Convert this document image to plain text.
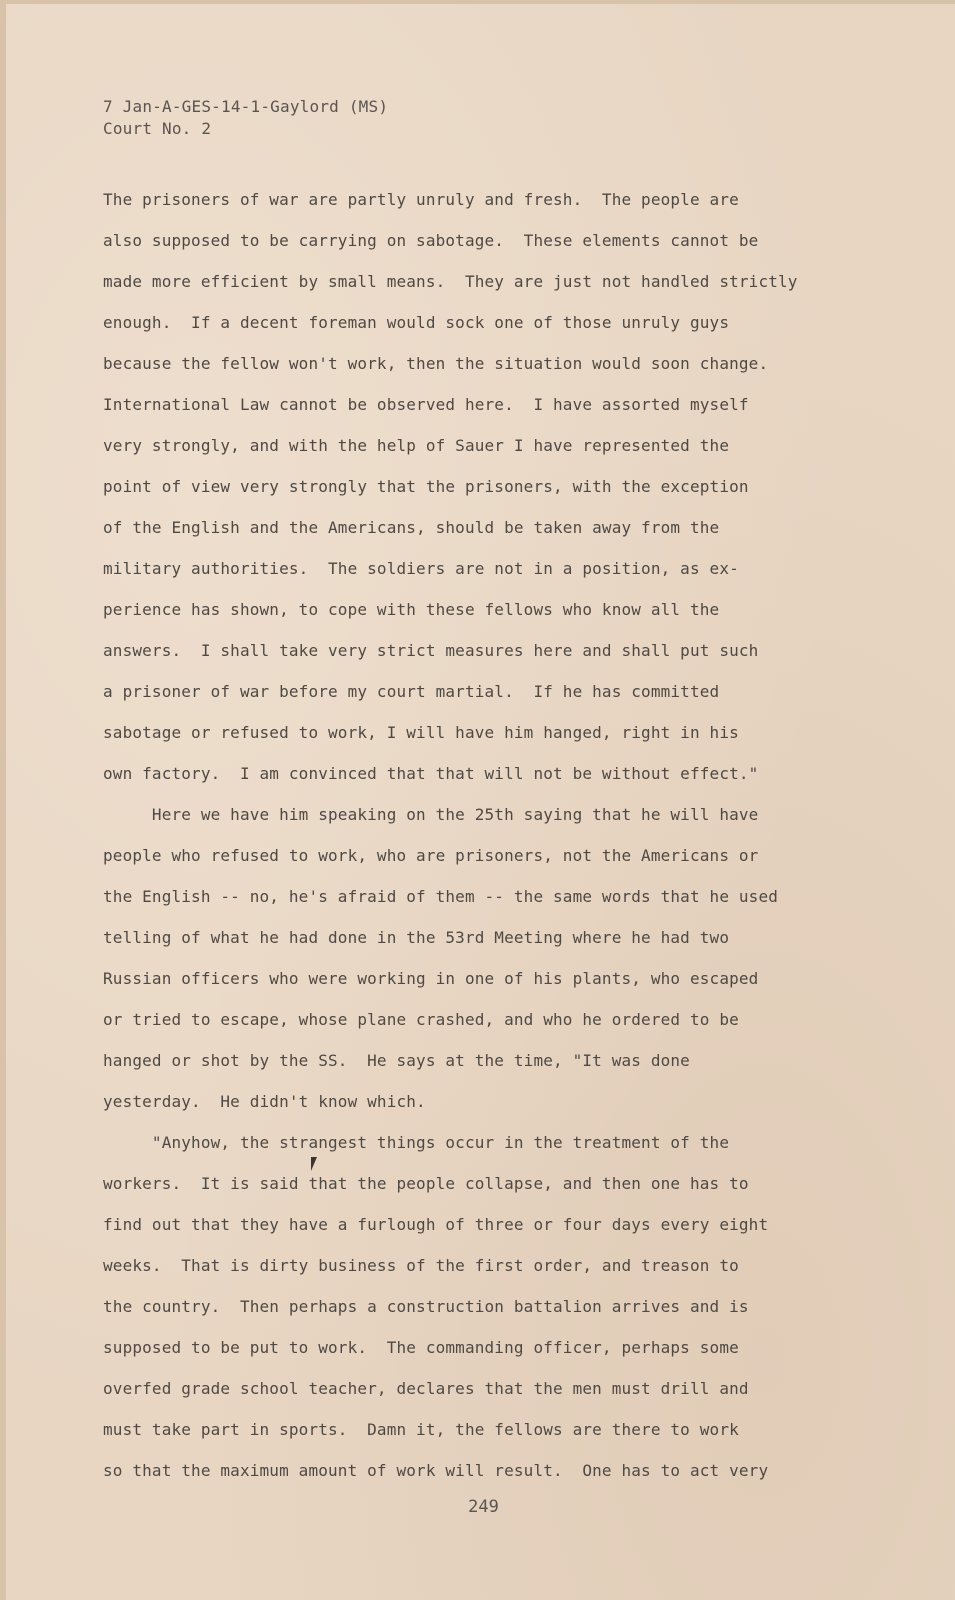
7 Jan-A-GES-14-1-Gaylord (MS)
Court No. 2
The prisoners of war are partly unruly and fresh.  The people are
also supposed to be carrying on sabotage.  These elements cannot be
made more efficient by small means.  They are just not handled strictly
enough.  If a decent foreman would sock one of those unruly guys
because the fellow won't work, then the situation would soon change.
International Law cannot be observed here.  I have assorted myself
very strongly, and with the help of Sauer I have represented the
point of view very strongly that the prisoners, with the exception
of the English and the Americans, should be taken away from the
military authorities.  The soldiers are not in a position, as ex-
perience has shown, to cope with these fellows who know all the
answers.  I shall take very strict measures here and shall put such
a prisoner of war before my court martial.  If he has committed
sabotage or refused to work, I will have him hanged, right in his
own factory.  I am convinced that that will not be without effect."
Here we have him speaking on the 25th saying that he will have
people who refused to work, who are prisoners, not the Americans or
the English -- no, he's afraid of them -- the same words that he used
telling of what he had done in the 53rd Meeting where he had two
Russian officers who were working in one of his plants, who escaped
or tried to escape, whose plane crashed, and who he ordered to be
hanged or shot by the SS.  He says at the time, "It was done
yesterday.  He didn't know which.
"Anyhow, the strangest things occur in the treatment of the
workers.  It is said that the people collapse, and then one has to
find out that they have a furlough of three or four days every eight
weeks.  That is dirty business of the first order, and treason to
the country.  Then perhaps a construction battalion arrives and is
supposed to be put to work.  The commanding officer, perhaps some
overfed grade school teacher, declares that the men must drill and
must take part in sports.  Damn it, the fellows are there to work
so that the maximum amount of work will result.  One has to act very
249
